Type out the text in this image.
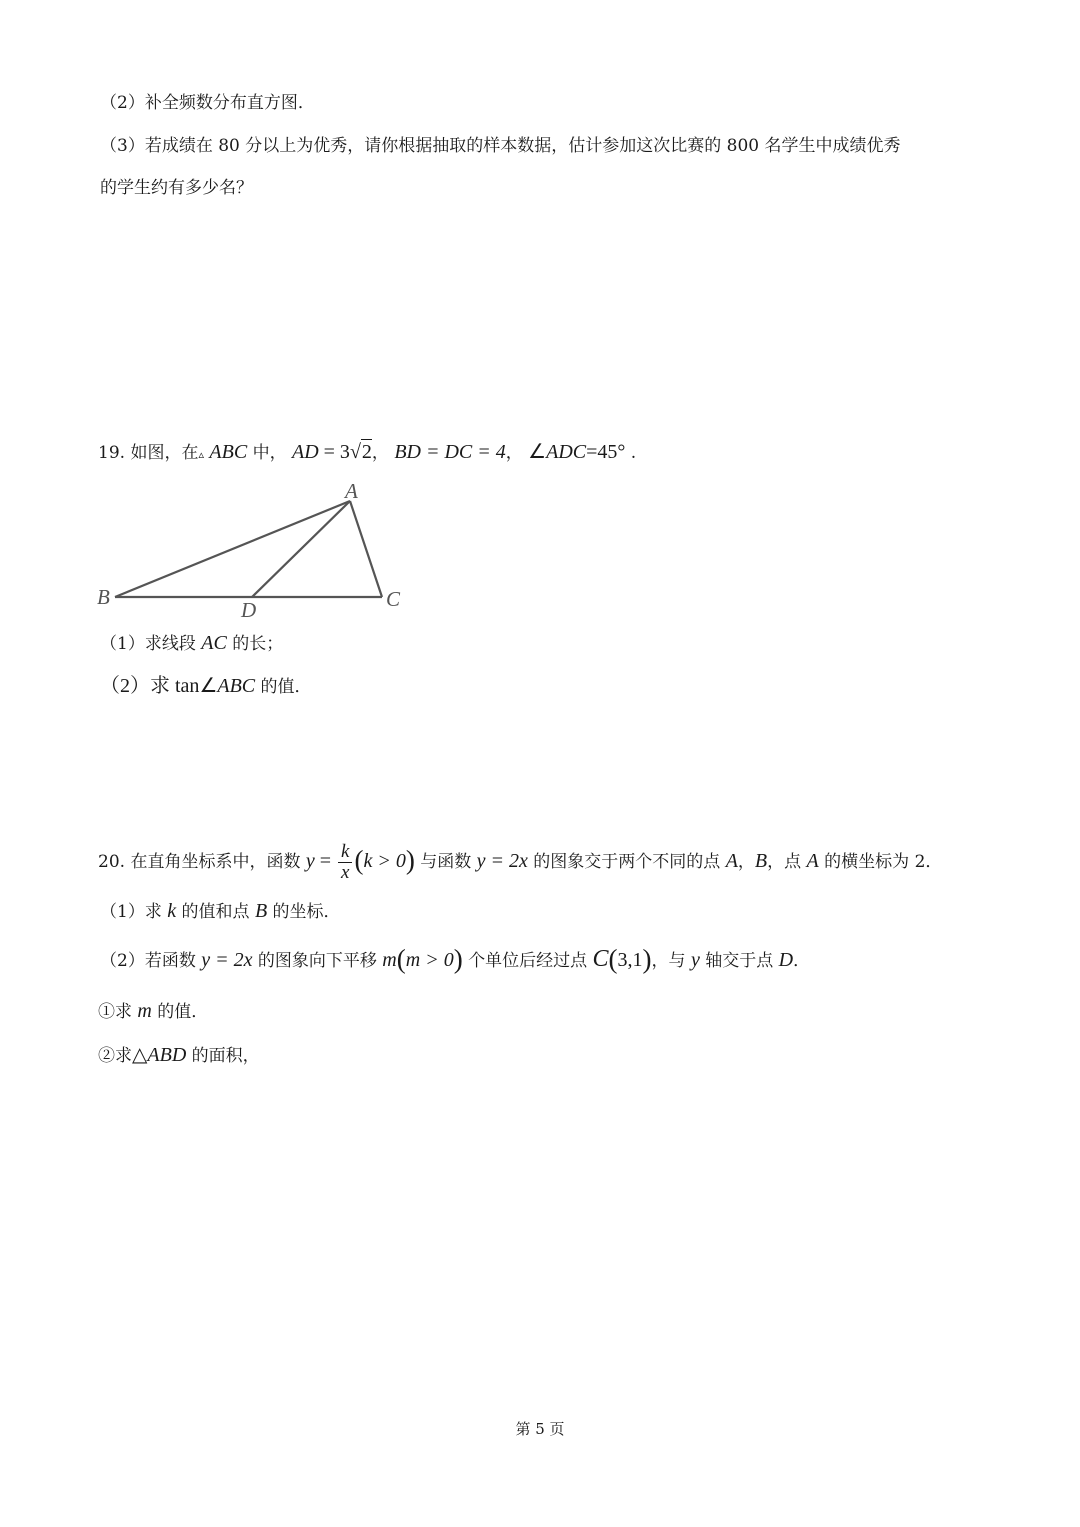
（2）补全频数分布直方图．
（3）若成绩在 80 分以上为优秀，请你根据抽取的样本数据，估计参加这次比赛的 800 名学生中成绩优秀
的学生约有多少名？
19. 如图，在▵ ABC 中， AD = 3√2， BD = DC = 4， ∠ADC=45° .
A
B	C
D
（1）求线段 AC 的长；
（2）求 tan∠ABC 的值．
20. 在直角坐标系中，函数 $y = \frac{k}{x} (k > 0)$ 与函数 y = 2x 的图象交于两个不同的点 A，B，点 A 的横坐标为 2．
（1）求 k 的值和点 B 的坐标．
（2）若函数 y = 2x 的图象向下平移 m(m > 0) 个单位后经过点 C(3,1)，与 y 轴交于点 D．
①求 m 的值．
②求△ABD 的面积，
第 5 页
